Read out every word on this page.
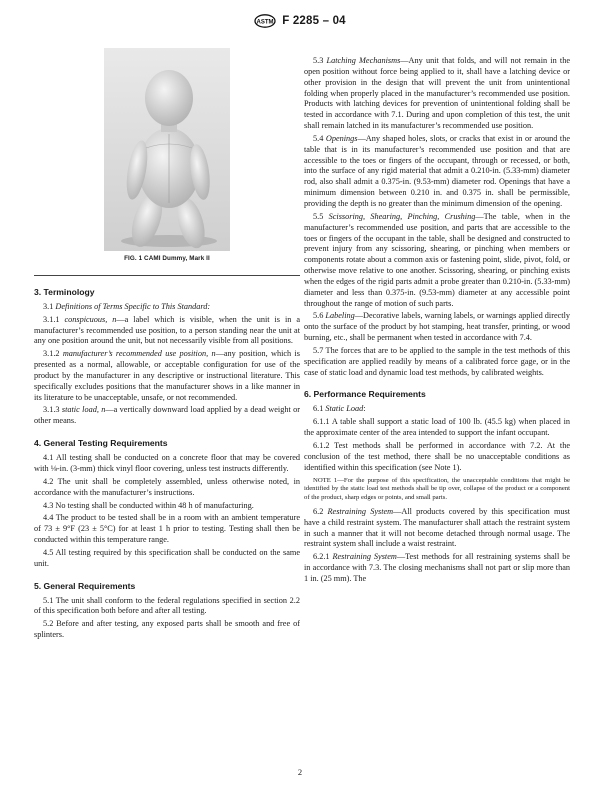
ASTM F 2285 – 04
FIG. 1 CAMI Dummy, Mark II
3. Terminology

3.1 Definitions of Terms Specific to This Standard:

3.1.1 conspicuous, n—a label which is visible, when the unit is in a manufacturer’s recommended use position, to a person standing near the unit at any one position around the unit, but not necessarily visible from all positions.

3.1.2 manufacturer’s recommended use position, n—any position, which is presented as a normal, allowable, or acceptable configuration for use of the product by the manufacturer in any descriptive or instructional literature. This specifically excludes positions that the manufacturer shows in a like manner in its literature to be unacceptable, unsafe, or not recommended.

3.1.3 static load, n—a vertically downward load applied by a dead weight or other means.

4. General Testing Requirements

4.1 All testing shall be conducted on a concrete floor that may be covered with ⅛-in. (3-mm) thick vinyl floor covering, unless test instructs differently.

4.2 The unit shall be completely assembled, unless otherwise noted, in accordance with the manufacturer’s instructions.

4.3 No testing shall be conducted within 48 h of manufacturing.

4.4 The product to be tested shall be in a room with an ambient temperature of 73 ± 9°F (23 ± 5°C) for at least 1 h prior to testing. Testing shall then be conducted within this temperature range.

4.5 All testing required by this specification shall be conducted on the same unit.

5. General Requirements

5.1 The unit shall conform to the federal regulations specified in section 2.2 of this specification both before and after all testing.

5.2 Before and after testing, any exposed parts shall be smooth and free of splinters.

5.3 Latching Mechanisms—Any unit that folds, and will not remain in the open position without force being applied to it, shall have a latching device or other provision in the design that will prevent the unit from unintentional folding when properly placed in the manufacturer’s recommended use position. Products with latching devices for prevention of unintentional folding shall be tested in accordance with 7.1. During and upon completion of this test, the unit shall remain latched in its manufacturer’s recommended use position.

5.4 Openings—Any shaped holes, slots, or cracks that exist in or around the table that is in its manufacturer’s recommended use position and that are accessible to the toes or fingers of the occupant, through or recessed, or both, into the surface of any rigid material that admit a 0.210-in. (5.33-mm) diameter rod, also shall admit a 0.375-in. (9.53-mm) diameter rod. Openings that have a minimum dimension between 0.210 in. and 0.375 in. shall be permissible, providing the depth is no greater than the minimum dimension of the opening.

5.5 Scissoring, Shearing, Pinching, Crushing—The table, when in the manufacturer’s recommended use position, and parts that are accessible to the toes or fingers of the occupant in the table, shall be designed and constructed to prevent injury from any scissoring, shearing, or pinching when members or components rotate about a common axis or fastening point, slide, pivot, fold, or otherwise move relative to one another. Scissoring, shearing, or pinching exists when the edges of the rigid parts admit a probe greater than 0.210-in. (5.33-mm) diameter and less than 0.375-in. (9.53-mm) diameter at any accessible point throughout the range of motion of such parts.

5.6 Labeling—Decorative labels, warning labels, or warnings applied directly onto the surface of the product by hot stamping, heat transfer, printing, or wood burning, etc., shall be permanent when tested in accordance with 7.4.

5.7 The forces that are to be applied to the sample in the test methods of this specification are applied readily by means of a calibrated force gage, or in the case of static load and dynamic load test methods, by calibrated weights.

6. Performance Requirements

6.1 Static Load:

6.1.1 A table shall support a static load of 100 lb. (45.5 kg) when placed in the approximate center of the area intended to support the infant occupant.

6.1.2 Test methods shall be performed in accordance with 7.2. At the conclusion of the test method, there shall be no unacceptable conditions as identified within this specification (see Note 1).

NOTE 1—For the purpose of this specification, the unacceptable conditions that might be identified by the static load test methods shall be tip over, collapse of the product or a component of the product, sharp edges or points, and small parts.

6.2 Restraining System—All products covered by this specification must have a child restraint system. The manufacturer shall attach the restraint system in such a manner that it will not become detached through normal usage. The restraint system shall include a waist restraint.

6.2.1 Restraining System—Test methods for all restraining systems shall be in accordance with 7.3. The closing mechanisms shall not part or slip more than 1 in. (25 mm). The

2
